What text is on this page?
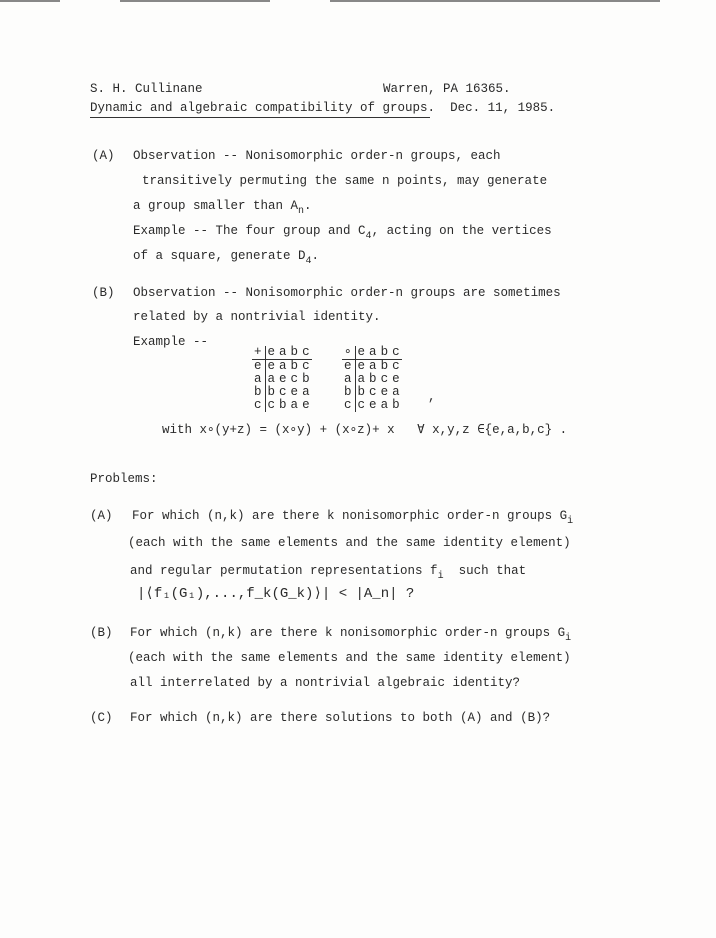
S. H. Cullinane	Warren, PA 16365.
Dynamic and algebraic compatibility of groups. Dec. 11, 1985.
(A) Observation -- Nonisomorphic order-n groups, each
transitively permuting the same n points, may generate
a group smaller than $A_n$.
Example -- The four group and $C_4$, acting on the vertices
of a square, generate $D_4$.
(B) Observation -- Nonisomorphic order-n groups are sometimes
related by a nontrivial identity.
Example --
+	e	a	b	c
e	e	a	b	c
a	a	e	c	b
b	b	c	e	a
c	c	b	a	e
∘	e	a	b	c
e	e	a	b	c
a	a	b	c	e
b	b	c	e	a
c	c	e	a	b
,
with x∘(y+z) = (x∘y) + (x∘z)+ x   ∀ x,y,z ∈{e,a,b,c} .
Problems:
(A) For which (n,k) are there k nonisomorphic order-n groups $G_i$
(each with the same elements and the same identity element)
and regular permutation representations $f_i$  such that
|⟨f₁(G₁),...,f_k(G_k)⟩| < |A_n| ?
(B) For which (n,k) are there k nonisomorphic order-n groups $G_i$
(each with the same elements and the same identity element)
all interrelated by a nontrivial algebraic identity?
(C) For which (n,k) are there solutions to both (A) and (B)?
